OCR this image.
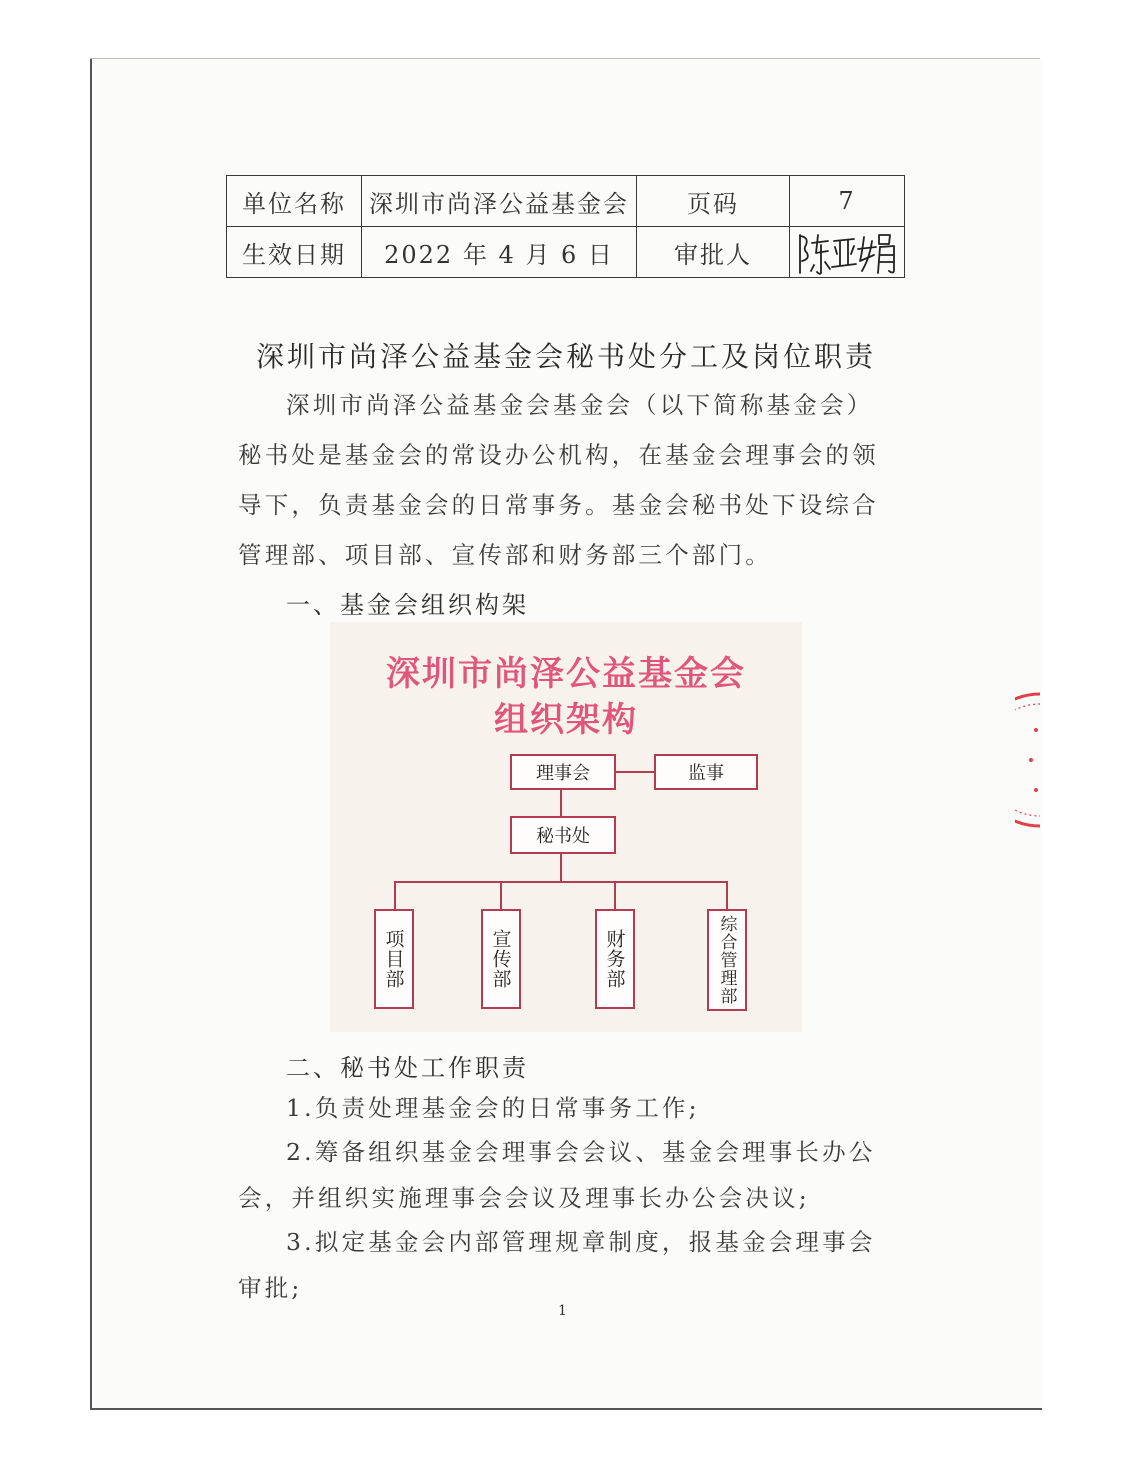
单位名称	深圳市尚泽公益基金会	页码	7
生效日期	2022 年 4 月 6 日	审批人	
深圳市尚泽公益基金会秘书处分工及岗位职责

深圳市尚泽公益基金会基金会（以下简称基金会）秘书处是基金会的常设办公机构，在基金会理事会的领导下，负责基金会的日常事务。基金会秘书处下设综合管理部、项目部、宣传部和财务部三个部门。

一、基金会组织构架
深圳市尚泽公益基金会
组织架构
理事会	监事
秘书处
项目部	宣传部	财务部	综合管理部
二、秘书处工作职责

1.负责处理基金会的日常事务工作;

2.筹备组织基金会理事会会议、基金会理事长办公会，并组织实施理事会会议及理事长办公会决议;

3.拟定基金会内部管理规章制度，报基金会理事会审批;

1
